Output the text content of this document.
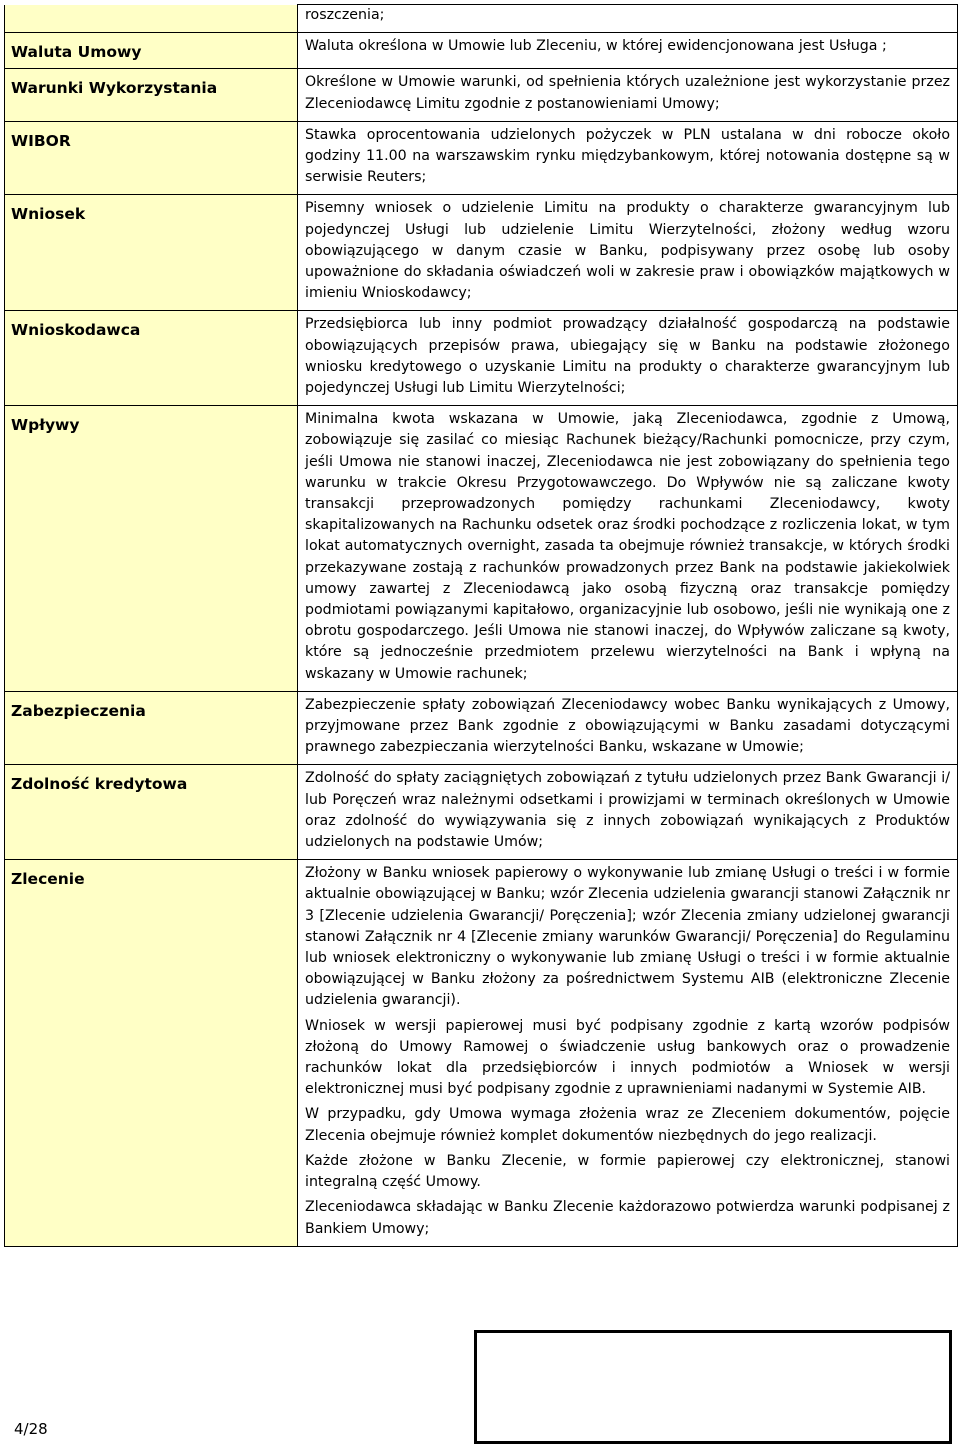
	roszczenia;

Waluta Umowy	Waluta określona w Umowie lub Zleceniu, w której ewidencjonowana jest Usługa ;

Warunki Wykorzystania	Określone w Umowie warunki, od spełnienia których uzależnione jest wykorzystanie przez Zleceniodawcę Limitu zgodnie z postanowieniami Umowy;

WIBOR	Stawka oprocentowania udzielonych pożyczek w PLN ustalana w dni robocze około godziny 11.00 na warszawskim rynku międzybankowym, której notowania dostępne są w serwisie Reuters;

Wniosek	Pisemny wniosek o udzielenie Limitu na produkty o charakterze gwarancyjnym lub pojedynczej Usługi lub udzielenie Limitu Wierzytelności, złożony według wzoru obowiązującego w danym czasie w Banku, podpisywany przez osobę lub osoby upoważnione do składania oświadczeń woli w zakresie praw i obowiązków majątkowych w imieniu Wnioskodawcy;

Wnioskodawca	Przedsiębiorca lub inny podmiot prowadzący działalność gospodarczą na podstawie obowiązujących przepisów prawa, ubiegający się w Banku na podstawie złożonego wniosku kredytowego o uzyskanie Limitu na produkty o charakterze gwarancyjnym lub pojedynczej Usługi lub Limitu Wierzytelności;

Wpływy	Minimalna kwota wskazana w Umowie, jaką Zleceniodawca, zgodnie z Umową, zobowiązuje się zasilać co miesiąc Rachunek bieżący/Rachunki pomocnicze, przy czym, jeśli Umowa nie stanowi inaczej, Zleceniodawca nie jest zobowiązany do spełnienia tego warunku w trakcie Okresu Przygotowawczego. Do Wpływów nie są zaliczane kwoty transakcji przeprowadzonych pomiędzy rachunkami Zleceniodawcy, kwoty skapitalizowanych na Rachunku odsetek oraz środki pochodzące z rozliczenia lokat, w tym lokat automatycznych overnight, zasada ta obejmuje również transakcje, w których środki przekazywane zostają z rachunków prowadzonych przez Bank na podstawie jakiekolwiek umowy zawartej z Zleceniodawcą jako osobą fizyczną oraz transakcje pomiędzy podmiotami powiązanymi kapitałowo, organizacyjnie lub osobowo, jeśli nie wynikają one z obrotu gospodarczego. Jeśli Umowa nie stanowi inaczej, do Wpływów zaliczane są kwoty, które są jednocześnie przedmiotem przelewu wierzytelności na Bank i wpłyną na wskazany w Umowie rachunek;

Zabezpieczenia	Zabezpieczenie spłaty zobowiązań Zleceniodawcy wobec Banku wynikających z Umowy, przyjmowane przez Bank zgodnie z obowiązującymi w Banku zasadami dotyczącymi prawnego zabezpieczania wierzytelności Banku, wskazane w Umowie;

Zdolność kredytowa	Zdolność do spłaty zaciągniętych zobowiązań z tytułu udzielonych przez Bank Gwarancji i/ lub Poręczeń wraz należnymi odsetkami i prowizjami w terminach określonych w Umowie oraz zdolność do wywiązywania się z innych zobowiązań wynikających z Produktów udzielonych na podstawie Umów;

Zlecenie	Złożony w Banku wniosek papierowy o wykonywanie lub zmianę Usługi o treści i w formie aktualnie obowiązującej w Banku; wzór Zlecenia udzielenia gwarancji stanowi Załącznik nr 3 [Zlecenie udzielenia Gwarancji/ Poręczenia]; wzór Zlecenia zmiany udzielonej gwarancji stanowi Załącznik nr 4 [Zlecenie zmiany warunków Gwarancji/ Poręczenia] do Regulaminu lub wniosek elektroniczny o wykonywanie lub zmianę Usługi o treści i w formie aktualnie obowiązującej w Banku złożony za pośrednictwem Systemu AIB (elektroniczne Zlecenie udzielenia gwarancji).

Wniosek w wersji papierowej musi być podpisany zgodnie z kartą wzorów podpisów złożoną do Umowy Ramowej o świadczenie usług bankowych oraz o prowadzenie rachunków lokat dla przedsiębiorców i innych podmiotów a Wniosek w wersji elektronicznej musi być podpisany zgodnie z uprawnieniami nadanymi w Systemie AIB.

W przypadku, gdy Umowa wymaga złożenia wraz ze Zleceniem dokumentów, pojęcie Zlecenia obejmuje również komplet dokumentów niezbędnych do jego realizacji.

Każde złożone w Banku Zlecenie, w formie papierowej czy elektronicznej, stanowi integralną część Umowy.

Zleceniodawca składając w Banku Zlecenie każdorazowo potwierdza warunki podpisanej z Bankiem Umowy;

4/28
